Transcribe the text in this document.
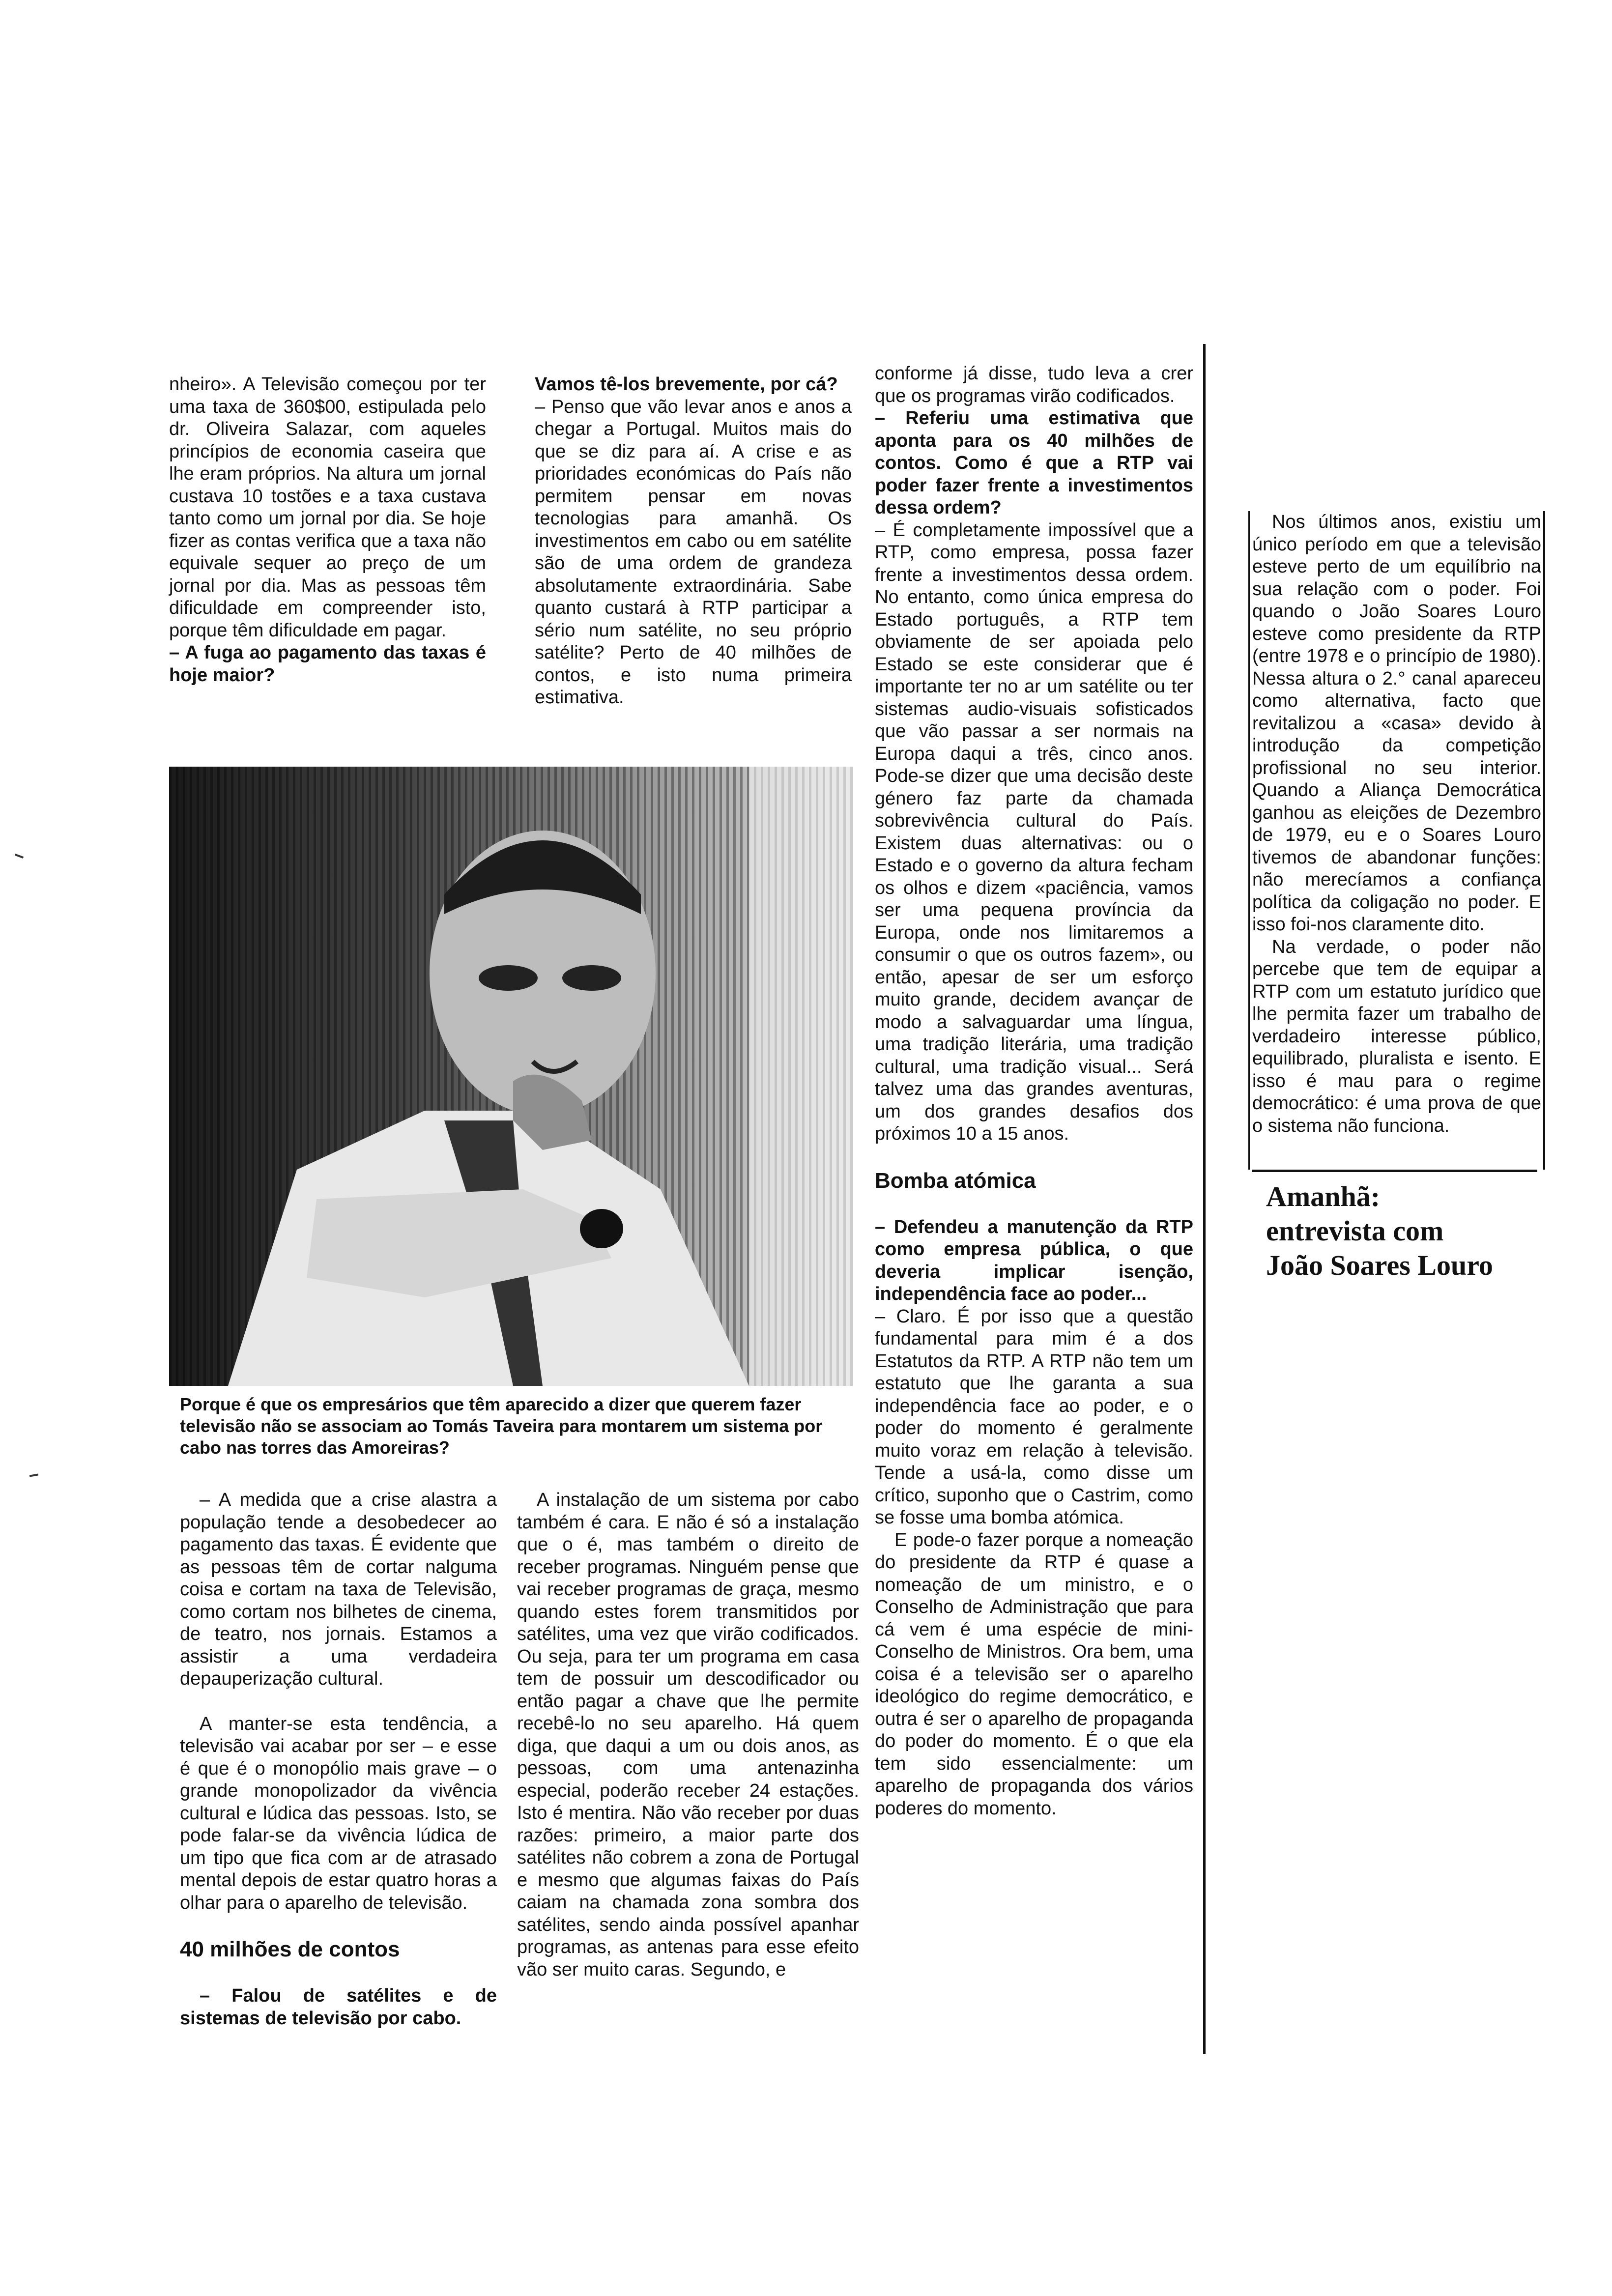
nheiro». A Televisão começou por ter uma taxa de 360$00, estipulada pelo dr. Oliveira Salazar, com aqueles princípios de economia caseira que lhe eram próprios. Na altura um jornal custava 10 tostões e a taxa custava tanto como um jornal por dia. Se hoje fizer as contas verifica que a taxa não equivale sequer ao preço de um jornal por dia. Mas as pessoas têm dificuldade em compreender isto, porque têm dificuldade em pagar.

– A fuga ao pagamento das taxas é hoje maior?

Vamos tê-los brevemente, por cá?

– Penso que vão levar anos e anos a chegar a Portugal. Muitos mais do que se diz para aí. A crise e as prioridades económicas do País não permitem pensar em novas tecnologias para amanhã. Os investimentos em cabo ou em satélite são de uma ordem de grandeza absolutamente extraordinária. Sabe quanto custará à RTP participar a sério num satélite, no seu próprio satélite? Perto de 40 milhões de contos, e isto numa primeira estimativa.

conforme já disse, tudo leva a crer que os programas virão codificados.

– Referiu uma estimativa que aponta para os 40 milhões de contos. Como é que a RTP vai poder fazer frente a investimentos dessa ordem?

– É completamente impossível que a RTP, como empresa, possa fazer frente a investimentos dessa ordem. No entanto, como única empresa do Estado português, a RTP tem obviamente de ser apoiada pelo Estado se este considerar que é importante ter no ar um satélite ou ter sistemas audio-visuais sofisticados que vão passar a ser normais na Europa daqui a três, cinco anos. Pode-se dizer que uma decisão deste género faz parte da chamada sobrevivência cultural do País. Existem duas alternativas: ou o Estado e o governo da altura fecham os olhos e dizem «paciência, vamos ser uma pequena província da Europa, onde nos limitaremos a consumir o que os outros fazem», ou então, apesar de ser um esforço muito grande, decidem avançar de modo a salvaguardar uma língua, uma tradição literária, uma tradição cultural, uma tradição visual... Será talvez uma das grandes aventuras, um dos grandes desafios dos próximos 10 a 15 anos.

Bomba atómica

– Defendeu a manutenção da RTP como empresa pública, o que deveria implicar isenção, independência face ao poder...

– Claro. É por isso que a questão fundamental para mim é a dos Estatutos da RTP. A RTP não tem um estatuto que lhe garanta a sua independência face ao poder, e o poder do momento é geralmente muito voraz em relação à televisão. Tende a usá-la, como disse um crítico, suponho que o Castrim, como se fosse uma bomba atómica.

E pode-o fazer porque a nomeação do presidente da RTP é quase a nomeação de um ministro, e o Conselho de Administração que para cá vem é uma espécie de mini-Conselho de Ministros. Ora bem, uma coisa é a televisão ser o aparelho ideológico do regime democrático, e outra é ser o aparelho de propaganda do poder do momento. É o que ela tem sido essencialmente: um aparelho de propaganda dos vários poderes do momento.

Nos últimos anos, existiu um único período em que a televisão esteve perto de um equilíbrio na sua relação com o poder. Foi quando o João Soares Louro esteve como presidente da RTP (entre 1978 e o princípio de 1980). Nessa altura o 2.° canal apareceu como alternativa, facto que revitalizou a «casa» devido à introdução da competição profissional no seu interior. Quando a Aliança Democrática ganhou as eleições de Dezembro de 1979, eu e o Soares Louro tivemos de abandonar funções: não merecíamos a confiança política da coligação no poder. E isso foi-nos claramente dito.

Na verdade, o poder não percebe que tem de equipar a RTP com um estatuto jurídico que lhe permita fazer um trabalho de verdadeiro interesse público, equilibrado, pluralista e isento. E isso é mau para o regime democrático: é uma prova de que o sistema não funciona.

Amanhã:
entrevista com
João Soares Louro
Porque é que os empresários que têm aparecido a dizer que querem fazer televisão não se associam ao Tomás Taveira para montarem um sistema por cabo nas torres das Amoreiras?

– A medida que a crise alastra a população tende a desobedecer ao pagamento das taxas. É evidente que as pessoas têm de cortar nalguma coisa e cortam na taxa de Televisão, como cortam nos bilhetes de cinema, de teatro, nos jornais. Estamos a assistir a uma verdadeira depauperização cultural.

A manter-se esta tendência, a televisão vai acabar por ser – e esse é que é o monopólio mais grave – o grande monopolizador da vivência cultural e lúdica das pessoas. Isto, se pode falar-se da vivência lúdica de um tipo que fica com ar de atrasado mental depois de estar quatro horas a olhar para o aparelho de televisão.

40 milhões de contos

– Falou de satélites e de sistemas de televisão por cabo.

A instalação de um sistema por cabo também é cara. E não é só a instalação que o é, mas também o direito de receber programas. Ninguém pense que vai receber programas de graça, mesmo quando estes forem transmitidos por satélites, uma vez que virão codificados. Ou seja, para ter um programa em casa tem de possuir um descodificador ou então pagar a chave que lhe permite recebê-lo no seu aparelho. Há quem diga, que daqui a um ou dois anos, as pessoas, com uma antenazinha especial, poderão receber 24 estações. Isto é mentira. Não vão receber por duas razões: primeiro, a maior parte dos satélites não cobrem a zona de Portugal e mesmo que algumas faixas do País caiam na chamada zona sombra dos satélites, sendo ainda possível apanhar programas, as antenas para esse efeito vão ser muito caras. Segundo, e
